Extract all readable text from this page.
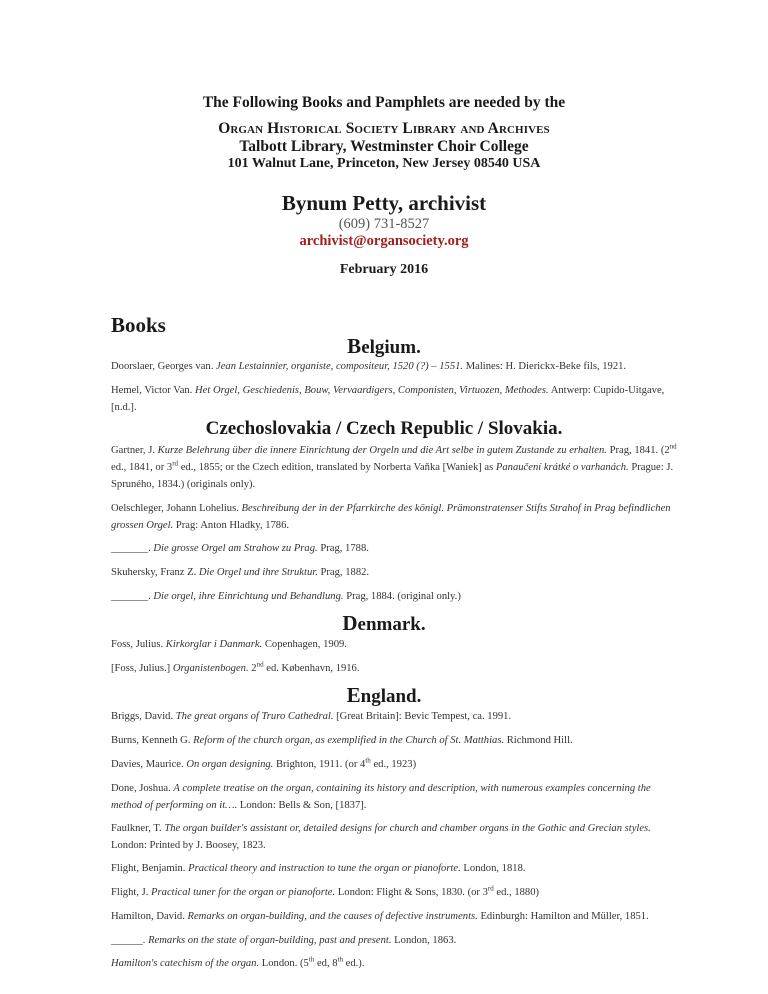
The Following Books and Pamphlets are needed by the
Organ Historical Society Library and Archives
Talbott Library, Westminster Choir College
101 Walnut Lane, Princeton, New Jersey 08540 USA
Bynum Petty, archivist
(609) 731-8527
archivist@organsociety.org
February 2016
Books
Belgium.
Doorslaer, Georges van. Jean Lestainnier, organiste, compositeur, 1520 (?) – 1551. Malines: H. Dierickx-Beke fils, 1921.
Hemel, Victor Van. Het Orgel, Geschiedenis, Bouw, Vervaardigers, Componisten, Virtuozen, Methodes. Antwerp: Cupido-Uitgave, [n.d.].
Czechoslovakia / Czech Republic / Slovakia.
Gartner, J. Kurze Belehrung über die innere Einrichtung der Orgeln und die Art selbe in gutem Zustande zu erhalten. Prag, 1841. (2nd ed., 1841, or 3rd ed., 1855; or the Czech edition, translated by Norberta Vaňka [Waniek] as Panaučení krátké o varhanách. Prague: J. Spruného, 1834.) (originals only).
Oelschleger, Johann Lohelius. Beschreibung der in der Pfarrkirche des königl. Prämonstratenser Stifts Strahof in Prag befindlichen grossen Orgel. Prag: Anton Hladky, 1786.
_______. Die grosse Orgel am Strahow zu Prag. Prag, 1788.
Skuhersky, Franz Z. Die Orgel und ihre Struktur. Prag, 1882.
_______. Die orgel, ihre Einrichtung und Behandlung. Prag, 1884. (original only.)
Denmark.
Foss, Julius. Kirkorglar i Danmark. Copenhagen, 1909.
[Foss, Julius.] Organistenbogen. 2nd ed. København, 1916.
England.
Briggs, David. The great organs of Truro Cathedral. [Great Britain]: Bevic Tempest, ca. 1991.
Burns, Kenneth G. Reform of the church organ, as exemplified in the Church of St. Matthias. Richmond Hill.
Davies, Maurice. On organ designing. Brighton, 1911. (or 4th ed., 1923)
Done, Joshua. A complete treatise on the organ, containing its history and description, with numerous examples concerning the method of performing on it…. London: Bells & Son, [1837].
Faulkner, T. The organ builder's assistant or, detailed designs for church and chamber organs in the Gothic and Grecian styles. London: Printed by J. Boosey, 1823.
Flight, Benjamin. Practical theory and instruction to tune the organ or pianoforte. London, 1818.
Flight, J. Practical tuner for the organ or pianoforte. London: Flight & Sons, 1830. (or 3rd ed., 1880)
Hamilton, David. Remarks on organ-building, and the causes of defective instruments. Edinburgh: Hamilton and Müller, 1851.
______. Remarks on the state of organ-building, past and present. London, 1863.
Hamilton's catechism of the organ. London. (5th ed, 8th ed.).
